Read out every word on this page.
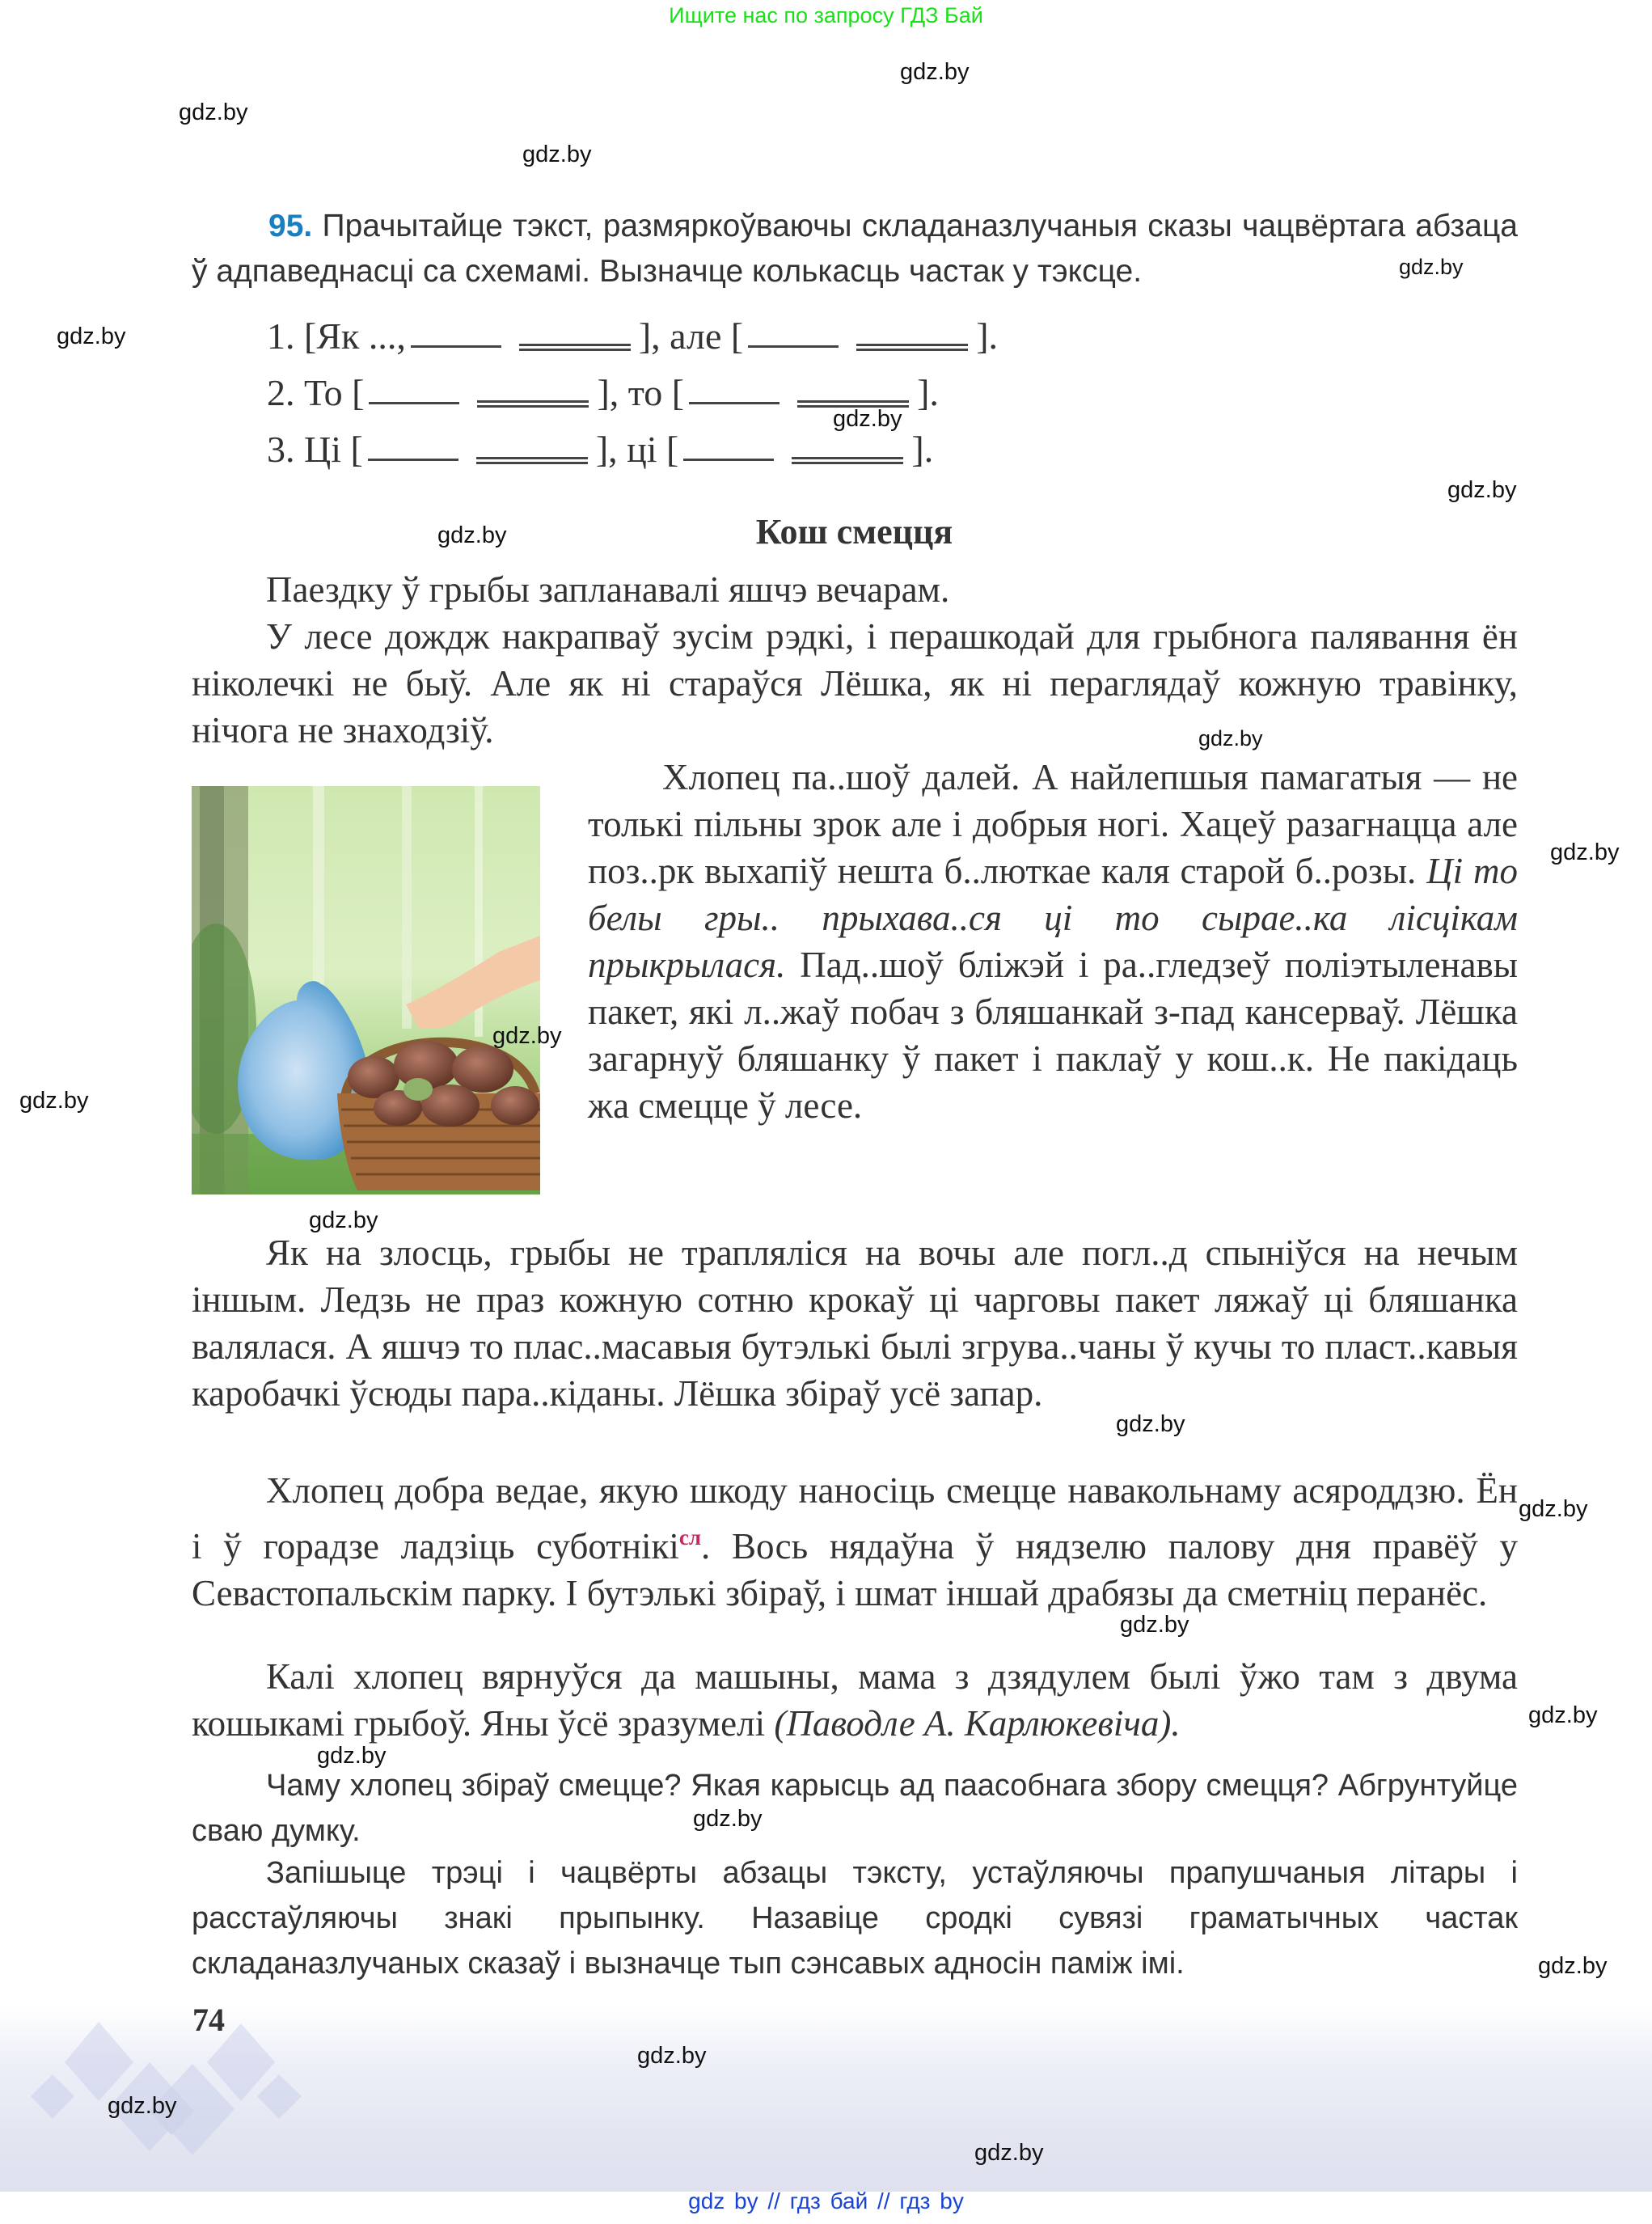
Ищите нас по запросу ГДЗ Бай
95. Прачытайце тэкст, размяркоўваючы складаназлучаныя сказы чацвёртага абзаца ў адпаведнасці са схемамі. Вызначце колькасць частак у тэксце.
1. [Як ...,	], але [	].
2. То [	], то [	].
3. Ці [	], ці [	].
Кош смецця
Паездку ў грыбы запланавалі яшчэ вечарам.
У лесе дождж накрапваў зусім рэдкі, і перашкодай для грыбнога палявання ён ніколечкі не быў. Але як ні стараўся Лёшка, як ні пераглядаў кожную травінку, нічога не знаходзіў.
Хлопец па..шоў далей. А найлепшыя памагатыя — не толькі пільны зрок але і добрыя ногі. Хацеў разагнацца але поз..рк выхапіў нешта б..люткае каля старой б..розы. Ці то белы гры.. прыхава..ся ці то сырае..ка лісцікам прыкрылася. Пад..шоў бліжэй і ра..гледзеў поліэтыленавы пакет, які л..жаў побач з бляшанкай з-пад кансерваў. Лёшка загарнуў бляшанку ў пакет і паклаў у кош..к. Не пакідаць жа смецце ў лесе.
Як на злосць, грыбы не трапляліся на вочы але погл..д спыніўся на нечым іншым. Ледзь не праз кожную сотню крокаў ці чарговы пакет ляжаў ці бляшанка валялася. А яшчэ то плас..масавыя бутэлькі былі згрува..чаны ў кучы то пласт..кавыя каробачкі ўсюды пара..кіданы. Лёшка збіраў усё запар.
Хлопец добра ведае, якую шкоду наносіць смецце навакольнаму асяроддзю. Ён і ў горадзе ладзіць суботнікі$^{сл}$. Вось нядаўна ў нядзелю палову дня правёў у Севастопальскім парку. І бутэлькі збіраў, і шмат іншай драбязы да сметніц перанёс.
Калі хлопец вярнуўся да машыны, мама з дзядулем былі ўжо там з двума кошыкамі грыбоў. Яны ўсё зразумелі (Паводле А. Карлюкевіча).
Чаму хлопец збіраў смецце? Якая карысць ад паасобнага збору смецця? Абгрунтуйце сваю думку.
Запішыце трэці і чацвёрты абзацы тэксту, устаўляючы прапушчаныя літары і расстаўляючы знакі прыпынку. Назавіце сродкі сувязі граматычных частак складаназлучаных сказаў і вызначце тып сэнсавых адносін паміж імі.
74
gdz by // гдз бай // гдз by
gdz.by
gdz.by
gdz.by
gdz.by
gdz.by
gdz.by
gdz.by
gdz.by
gdz.by
gdz.by
gdz.by
gdz.by
gdz.by
gdz.by
gdz.by
gdz.by
gdz.by
gdz.by
gdz.by
gdz.by
gdz.by
gdz.by
gdz.by
